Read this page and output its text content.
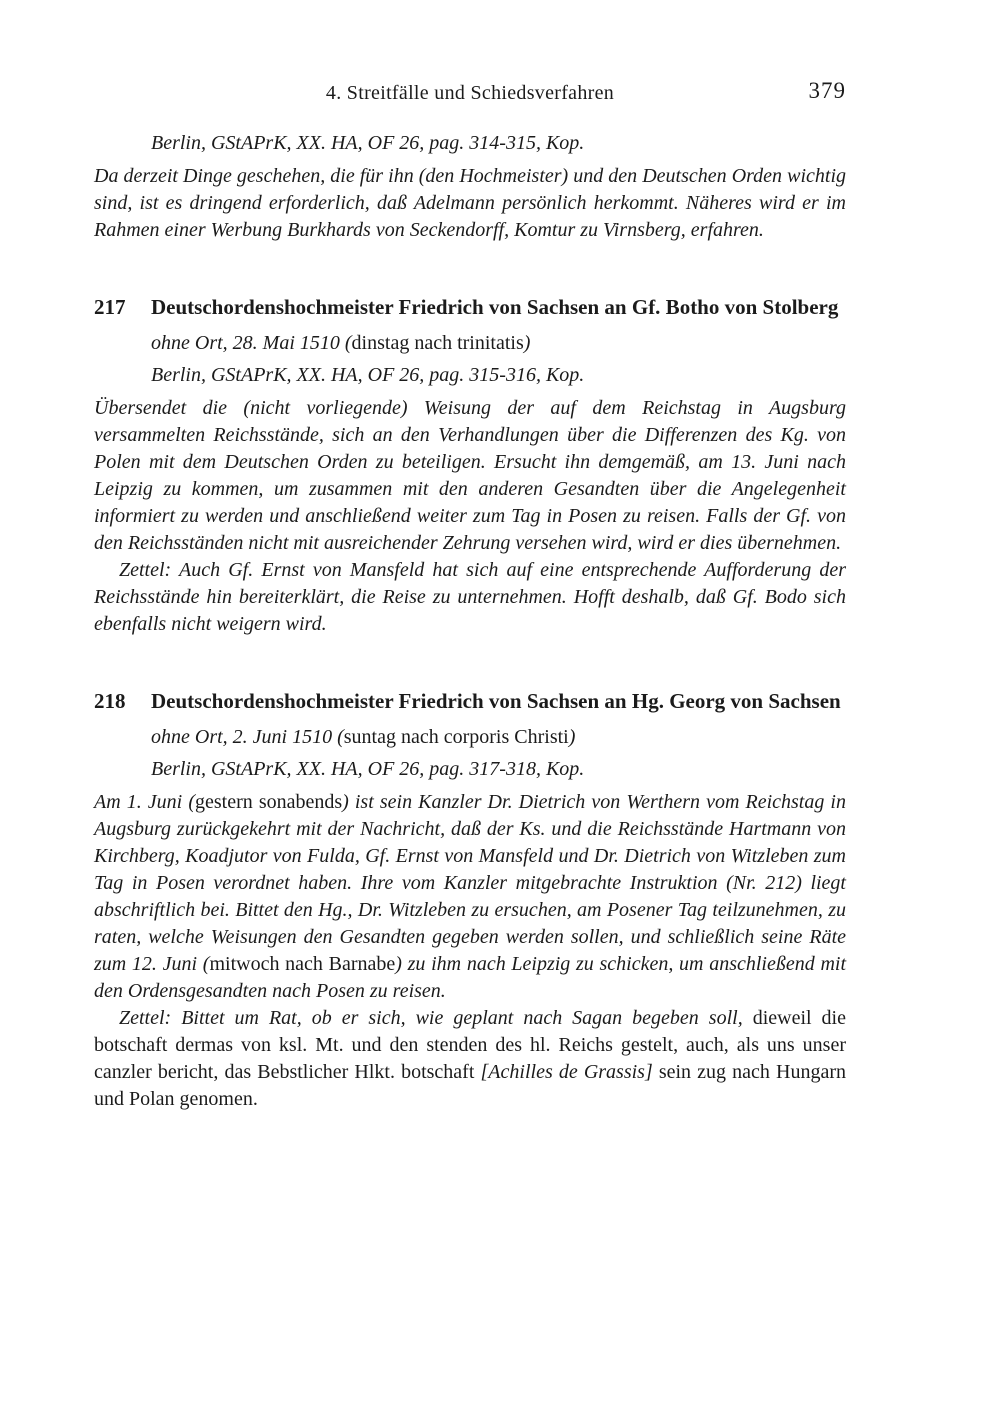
4. Streitfälle und Schiedsverfahren	379

Berlin, GStAPrK, XX. HA, OF 26, pag. 314-315, Kop.

Da derzeit Dinge geschehen, die für ihn (den Hochmeister) und den Deutschen Orden wichtig sind, ist es dringend erforderlich, daß Adelmann persönlich herkommt. Näheres wird er im Rahmen einer Werbung Burkhards von Seckendorff, Komtur zu Virnsberg, erfahren.

217	Deutschordenshochmeister Friedrich von Sachsen an Gf. Botho von Stolberg

ohne Ort, 28. Mai 1510 (dinstag nach trinitatis)

Berlin, GStAPrK, XX. HA, OF 26, pag. 315-316, Kop.

Übersendet die (nicht vorliegende) Weisung der auf dem Reichstag in Augsburg versammelten Reichsstände, sich an den Verhandlungen über die Differenzen des Kg. von Polen mit dem Deutschen Orden zu beteiligen. Ersucht ihn demgemäß, am 13. Juni nach Leipzig zu kommen, um zusammen mit den anderen Gesandten über die Angelegenheit informiert zu werden und anschließend weiter zum Tag in Posen zu reisen. Falls der Gf. von den Reichsständen nicht mit ausreichender Zehrung versehen wird, wird er dies übernehmen.

Zettel: Auch Gf. Ernst von Mansfeld hat sich auf eine entsprechende Aufforderung der Reichsstände hin bereiterklärt, die Reise zu unternehmen. Hofft deshalb, daß Gf. Bodo sich ebenfalls nicht weigern wird.

218	Deutschordenshochmeister Friedrich von Sachsen an Hg. Georg von Sachsen

ohne Ort, 2. Juni 1510 (suntag nach corporis Christi)

Berlin, GStAPrK, XX. HA, OF 26, pag. 317-318, Kop.

Am 1. Juni (gestern sonabends) ist sein Kanzler Dr. Dietrich von Werthern vom Reichstag in Augsburg zurückgekehrt mit der Nachricht, daß der Ks. und die Reichsstände Hartmann von Kirchberg, Koadjutor von Fulda, Gf. Ernst von Mansfeld und Dr. Dietrich von Witzleben zum Tag in Posen verordnet haben. Ihre vom Kanzler mitgebrachte Instruktion (Nr. 212) liegt abschriftlich bei. Bittet den Hg., Dr. Witzleben zu ersuchen, am Posener Tag teilzunehmen, zu raten, welche Weisungen den Gesandten gegeben werden sollen, und schließlich seine Räte zum 12. Juni (mitwoch nach Barnabe) zu ihm nach Leipzig zu schicken, um anschließend mit den Ordensgesandten nach Posen zu reisen.

Zettel: Bittet um Rat, ob er sich, wie geplant nach Sagan begeben soll, dieweil die botschaft dermas von ksl. Mt. und den stenden des hl. Reichs gestelt, auch, als uns unser canzler bericht, das Bebstlicher Hlkt. botschaft [Achilles de Grassis] sein zug nach Hungarn und Polan genomen.
